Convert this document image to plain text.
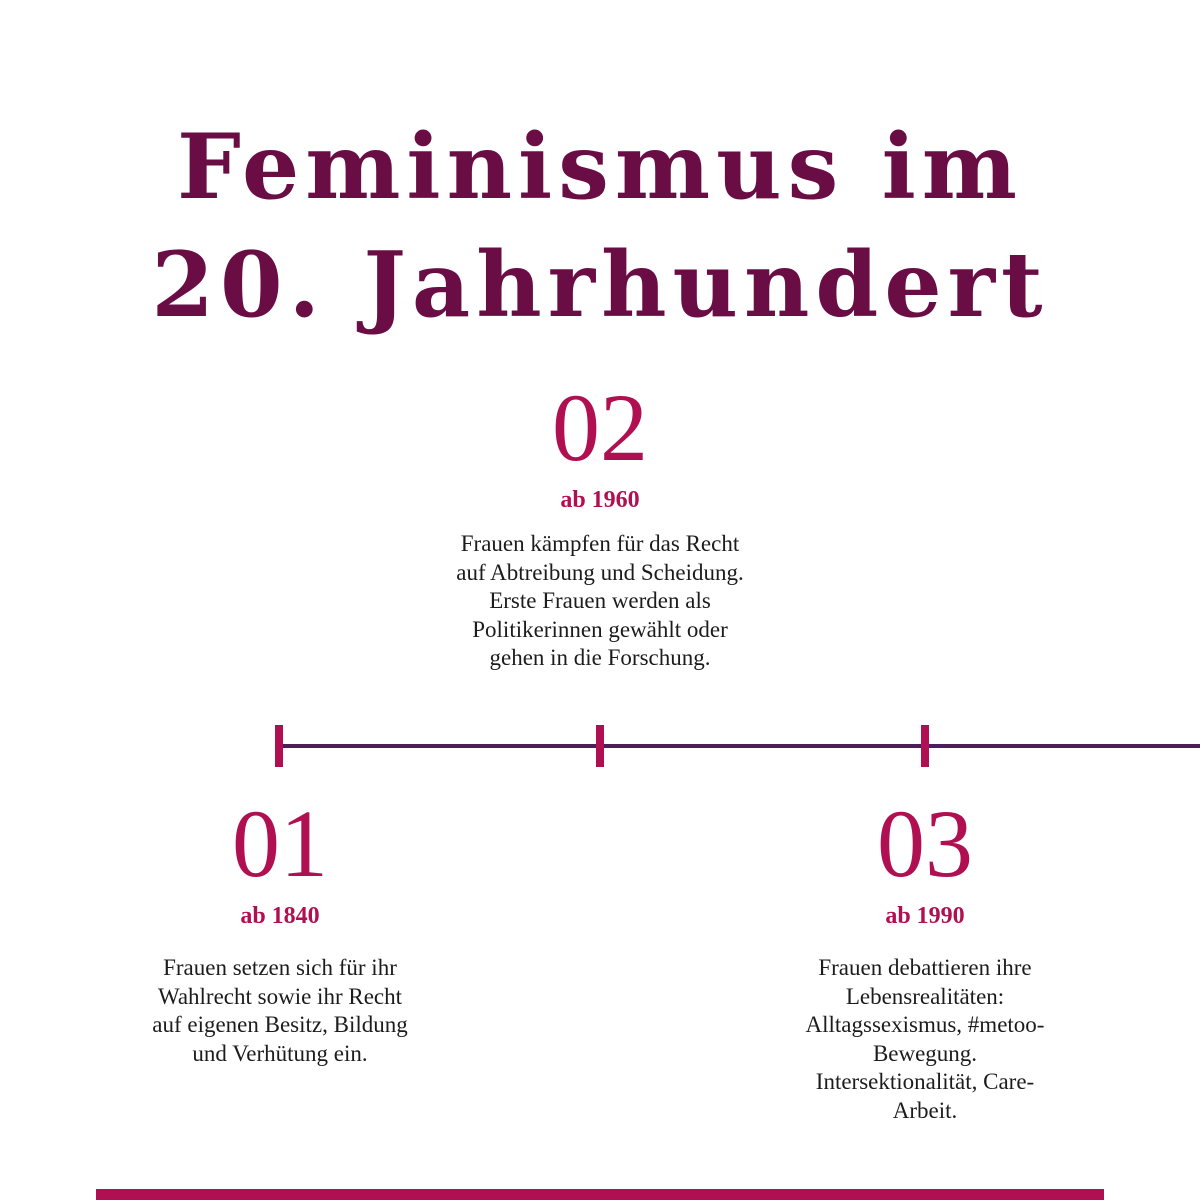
Feminismus im
20. Jahrhundert
02
ab 1960
Frauen kämpfen für das Recht auf Abtreibung und Scheidung. Erste Frauen werden als Politikerinnen gewählt oder gehen in die Forschung.
01
ab 1840
Frauen setzen sich für ihr Wahlrecht sowie ihr Recht auf eigenen Besitz, Bildung und Verhütung ein.
03
ab 1990
Frauen debattieren ihre Lebensrealitäten: Alltagssexismus, #metoo-Bewegung. Intersektionalität, Care-Arbeit.
